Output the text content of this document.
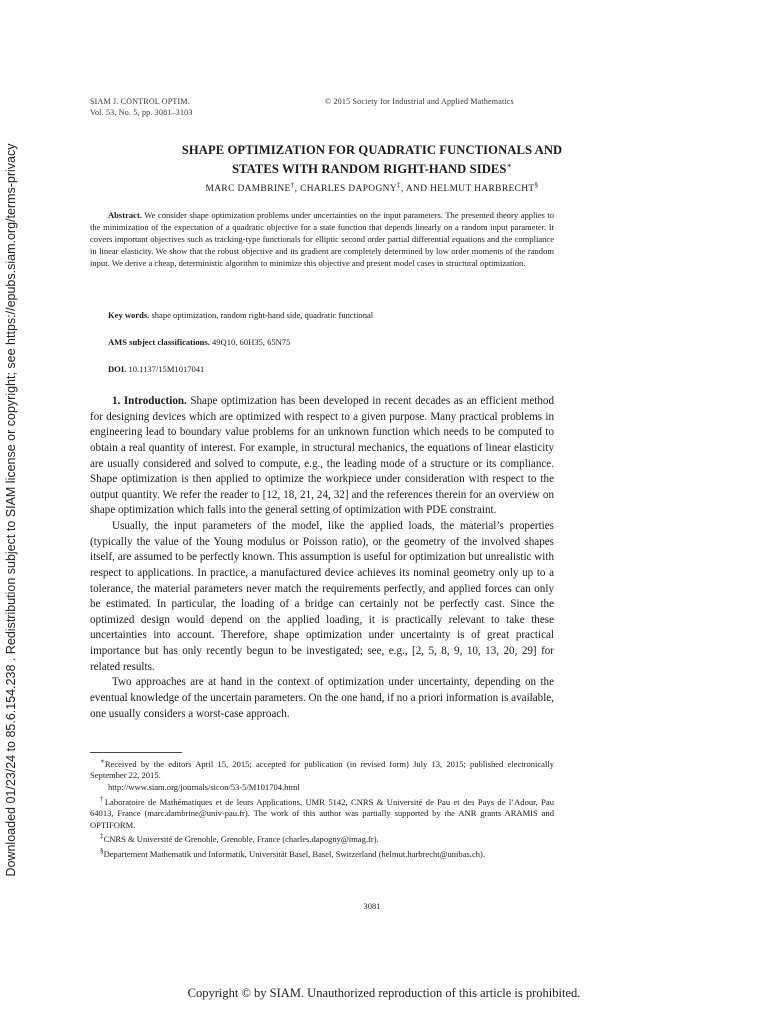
Downloaded 01/23/24 to 85.6.154.238 . Redistribution subject to SIAM license or copyright; see https://epubs.siam.org/terms-privacy
SIAM J. CONTROL OPTIM.
Vol. 53, No. 5, pp. 3081–3103
© 2015 Society for Industrial and Applied Mathematics
SHAPE OPTIMIZATION FOR QUADRATIC FUNCTIONALS AND
STATES WITH RANDOM RIGHT-HAND SIDES∗
MARC DAMBRINE†, CHARLES DAPOGNY‡, AND HELMUT HARBRECHT§
Abstract. We consider shape optimization problems under uncertainties on the input parameters. The presented theory applies to the minimization of the expectation of a quadratic objective for a state function that depends linearly on a random input parameter. It covers important objectives such as tracking-type functionals for elliptic second order partial differential equations and the compliance in linear elasticity. We show that the robust objective and its gradient are completely determined by low order moments of the random input. We derive a cheap, deterministic algorithm to minimize this objective and present model cases in structural optimization.
Key words. shape optimization, random right-hand side, quadratic functional
AMS subject classifications. 49Q10, 60H35, 65N75
DOI. 10.1137/15M1017041

1. Introduction. Shape optimization has been developed in recent decades as an efficient method for designing devices which are optimized with respect to a given purpose. Many practical problems in engineering lead to boundary value problems for an unknown function which needs to be computed to obtain a real quantity of interest. For example, in structural mechanics, the equations of linear elasticity are usually considered and solved to compute, e.g., the leading mode of a structure or its compliance. Shape optimization is then applied to optimize the workpiece under consideration with respect to the output quantity. We refer the reader to [12, 18, 21, 24, 32] and the references therein for an overview on shape optimization which falls into the general setting of optimization with PDE constraint.

Usually, the input parameters of the model, like the applied loads, the material’s properties (typically the value of the Young modulus or Poisson ratio), or the geometry of the involved shapes itself, are assumed to be perfectly known. This assumption is useful for optimization but unrealistic with respect to applications. In practice, a manufactured device achieves its nominal geometry only up to a tolerance, the material parameters never match the requirements perfectly, and applied forces can only be estimated. In particular, the loading of a bridge can certainly not be perfectly cast. Since the optimized design would depend on the applied loading, it is practically relevant to take these uncertainties into account. Therefore, shape optimization under uncertainty is of great practical importance but has only recently begun to be investigated; see, e.g., [2, 5, 8, 9, 10, 13, 20, 29] for related results.

Two approaches are at hand in the context of optimization under uncertainty, depending on the eventual knowledge of the uncertain parameters. On the one hand, if no a priori information is available, one usually considers a worst-case approach.

∗Received by the editors April 15, 2015; accepted for publication (in revised form) July 13, 2015; published electronically September 22, 2015.

http://www.siam.org/journals/sicon/53-5/M101704.html

†Laboratoire de Mathématiques et de leurs Applications, UMR 5142, CNRS & Université de Pau et des Pays de l’Adour, Pau 64013, France (marc.dambrine@univ-pau.fr). The work of this author was partially supported by the ANR grants ARAMIS and OPTIFORM.

‡CNRS & Université de Grenoble, Grenoble, France (charles.dapogny@imag.fr).

§Departement Mathematik und Informatik, Universität Basel, Basel, Switzerland (helmut.harbrecht@unibas.ch).

3081
Copyright © by SIAM. Unauthorized reproduction of this article is prohibited.
